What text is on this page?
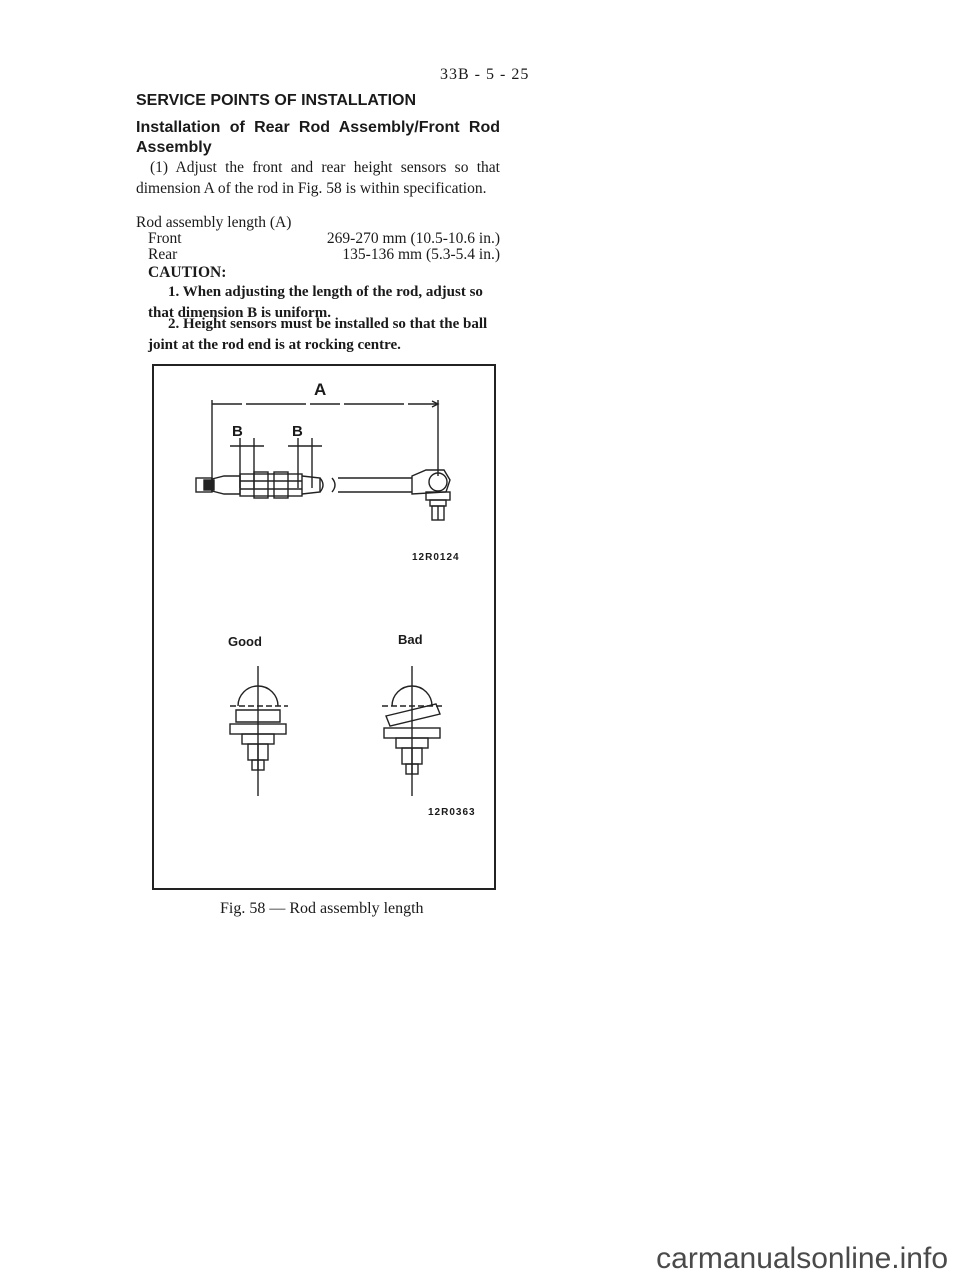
33B - 5 - 25
SERVICE POINTS OF INSTALLATION
Installation of Rear Rod Assembly/Front Rod Assembly

(1) Adjust the front and rear height sensors so that dimension A of the rod in Fig. 58 is within specification.

Rod assembly length (A)
Front	269-270 mm (10.5-10.6 in.)
Rear	135-136 mm (5.3-5.4 in.)
CAUTION:
1. When adjusting the length of the rod, adjust so that dimension B is uniform.
2. Height sensors must be installed so that the ball joint at the rod end is at rocking centre.
A
B	B
12R0124
Good	Bad
12R0363
Fig. 58 — Rod assembly length
carmanualsonline.info
